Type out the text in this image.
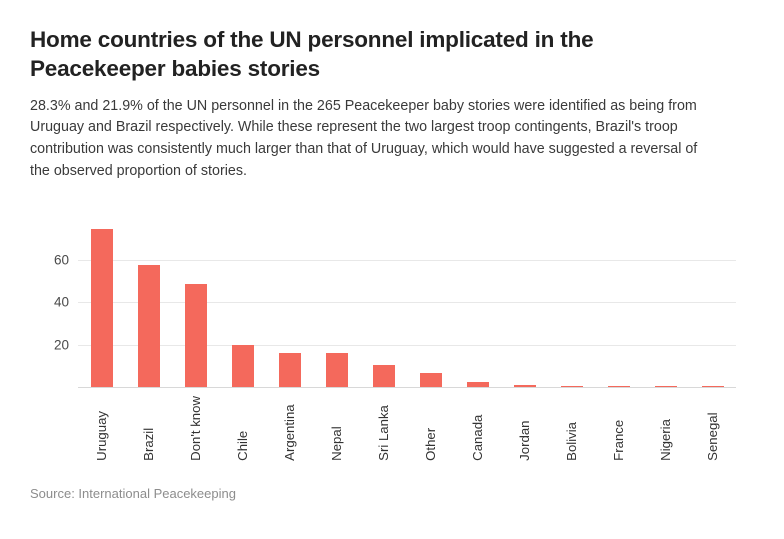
Home countries of the UN personnel implicated in the Peacekeeper babies stories

28.3% and 21.9% of the UN personnel in the 265 Peacekeeper baby stories were identified as being from Uruguay and Brazil respectively. While these represent the two largest troop contingents, Brazil's troop contribution was consistently much larger than that of Uruguay, which would have suggested a reversal of the observed proportion of stories.

20
40
60
Uruguay Brazil Don't know Chile Argentina Nepal Sri Lanka Other Canada Jordan Bolivia France Nigeria Senegal
Source: International Peacekeeping
